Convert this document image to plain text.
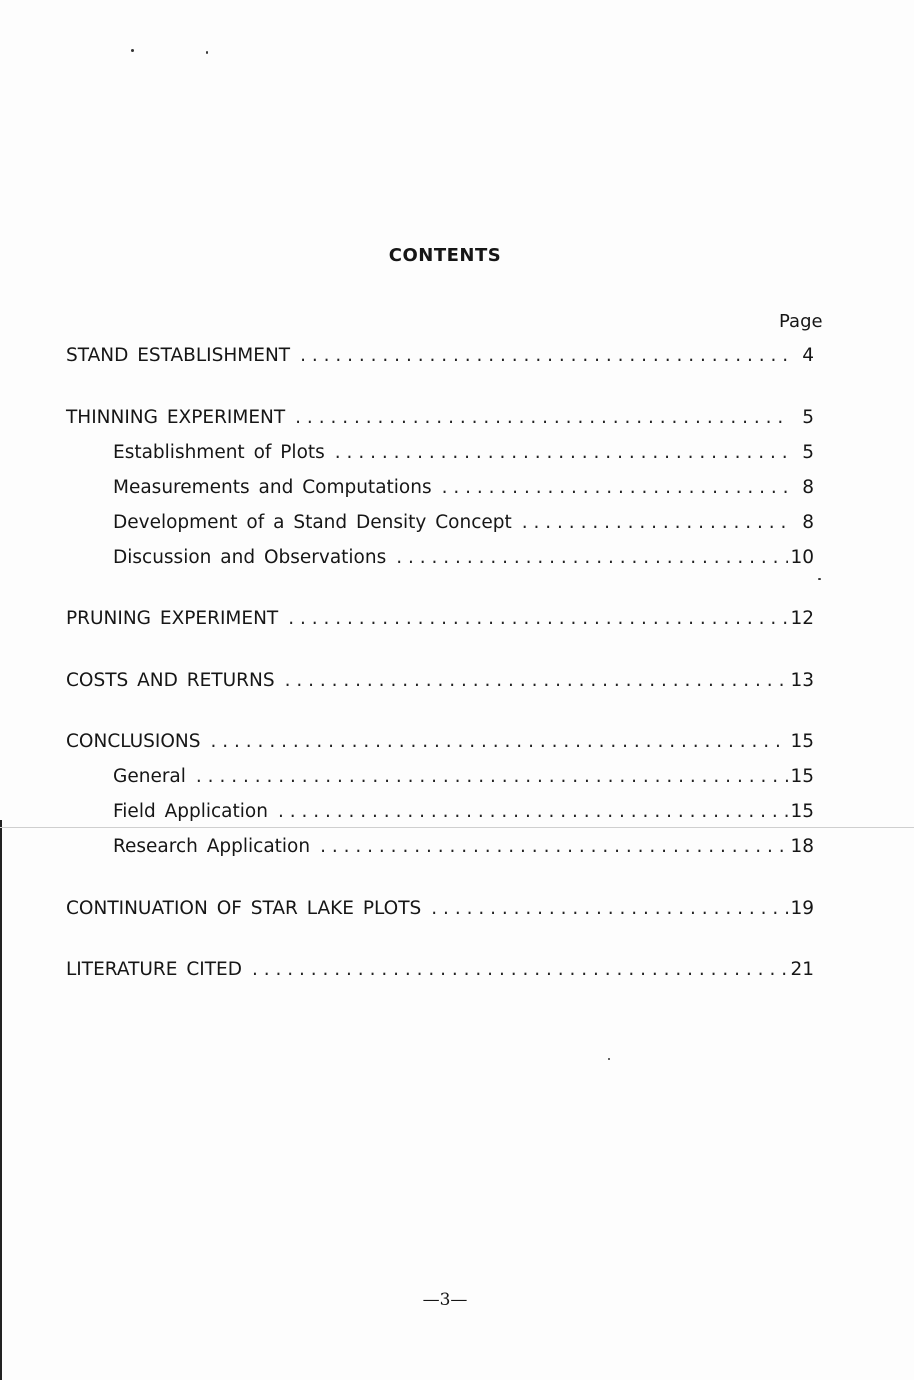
CONTENTS
Page
STAND ESTABLISHMENT . . .	4
THINNING EXPERIMENT . . .	5
Establishment of Plots . . .	5
Measurements and Computations . . .	8
Development of a Stand Density Concept . . .	8
Discussion and Observations . . .	10
PRUNING EXPERIMENT . . .	12
COSTS AND RETURNS . . .	13
CONCLUSIONS . . .	15
General . . .	15
Field Application . . .	15
Research Application . . .	18
CONTINUATION OF STAR LAKE PLOTS . . .	19
LITERATURE CITED . . .	21
—3—
